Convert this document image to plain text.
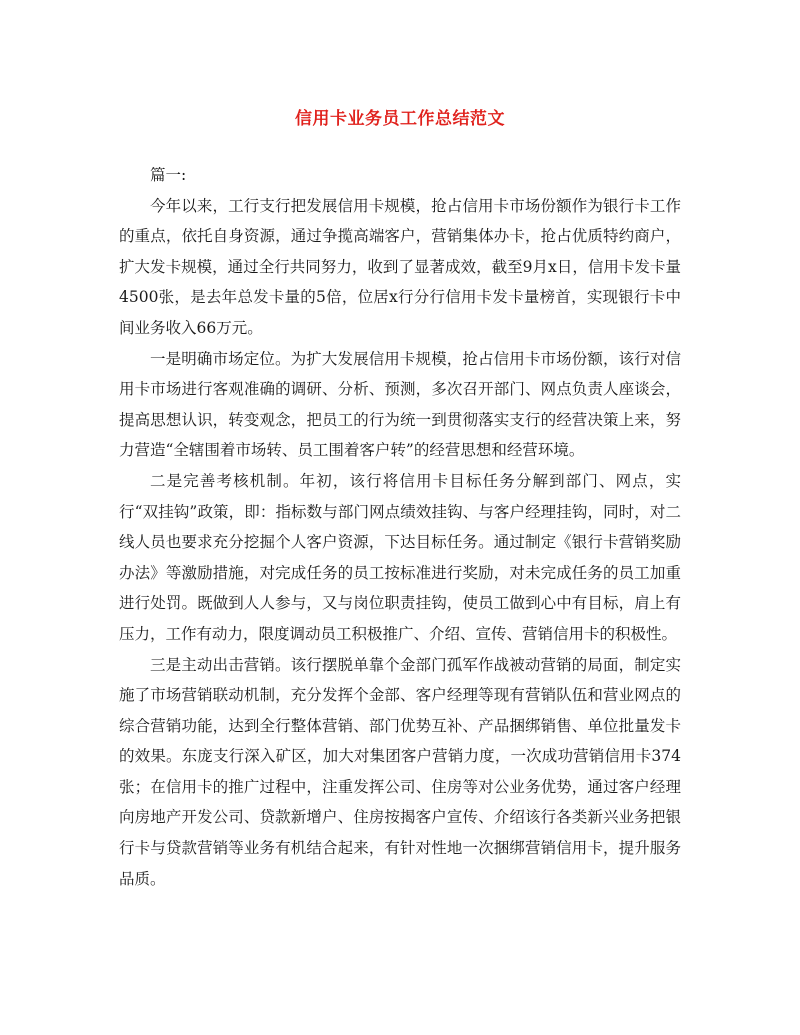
信用卡业务员工作总结范文

篇一:

今年以来，工行支行把发展信用卡规模，抢占信用卡市场份额作为银行卡工作的重点，依托自身资源，通过争揽高端客户，营销集体办卡，抢占优质特约商户，扩大发卡规模，通过全行共同努力，收到了显著成效，截至9月x日，信用卡发卡量4500张，是去年总发卡量的5倍，位居x行分行信用卡发卡量榜首，实现银行卡中间业务收入66万元。

一是明确市场定位。为扩大发展信用卡规模，抢占信用卡市场份额，该行对信用卡市场进行客观准确的调研、分析、预测，多次召开部门、网点负责人座谈会，提高思想认识，转变观念，把员工的行为统一到贯彻落实支行的经营决策上来，努力营造“全辖围着市场转、员工围着客户转”的经营思想和经营环境。

二是完善考核机制。年初，该行将信用卡目标任务分解到部门、网点，实行“双挂钩”政策，即：指标数与部门网点绩效挂钩、与客户经理挂钩，同时，对二线人员也要求充分挖掘个人客户资源，下达目标任务。通过制定《银行卡营销奖励办法》等激励措施，对完成任务的员工按标准进行奖励，对未完成任务的员工加重进行处罚。既做到人人参与，又与岗位职责挂钩，使员工做到心中有目标，肩上有压力，工作有动力，限度调动员工积极推广、介绍、宣传、营销信用卡的积极性。

三是主动出击营销。该行摆脱单靠个金部门孤军作战被动营销的局面，制定实施了市场营销联动机制，充分发挥个金部、客户经理等现有营销队伍和营业网点的综合营销功能，达到全行整体营销、部门优势互补、产品捆绑销售、单位批量发卡的效果。东庞支行深入矿区，加大对集团客户营销力度，一次成功营销信用卡374张；在信用卡的推广过程中，注重发挥公司、住房等对公业务优势，通过客户经理向房地产开发公司、贷款新增户、住房按揭客户宣传、介绍该行各类新兴业务把银行卡与贷款营销等业务有机结合起来，有针对性地一次捆绑营销信用卡，提升服务品质。
